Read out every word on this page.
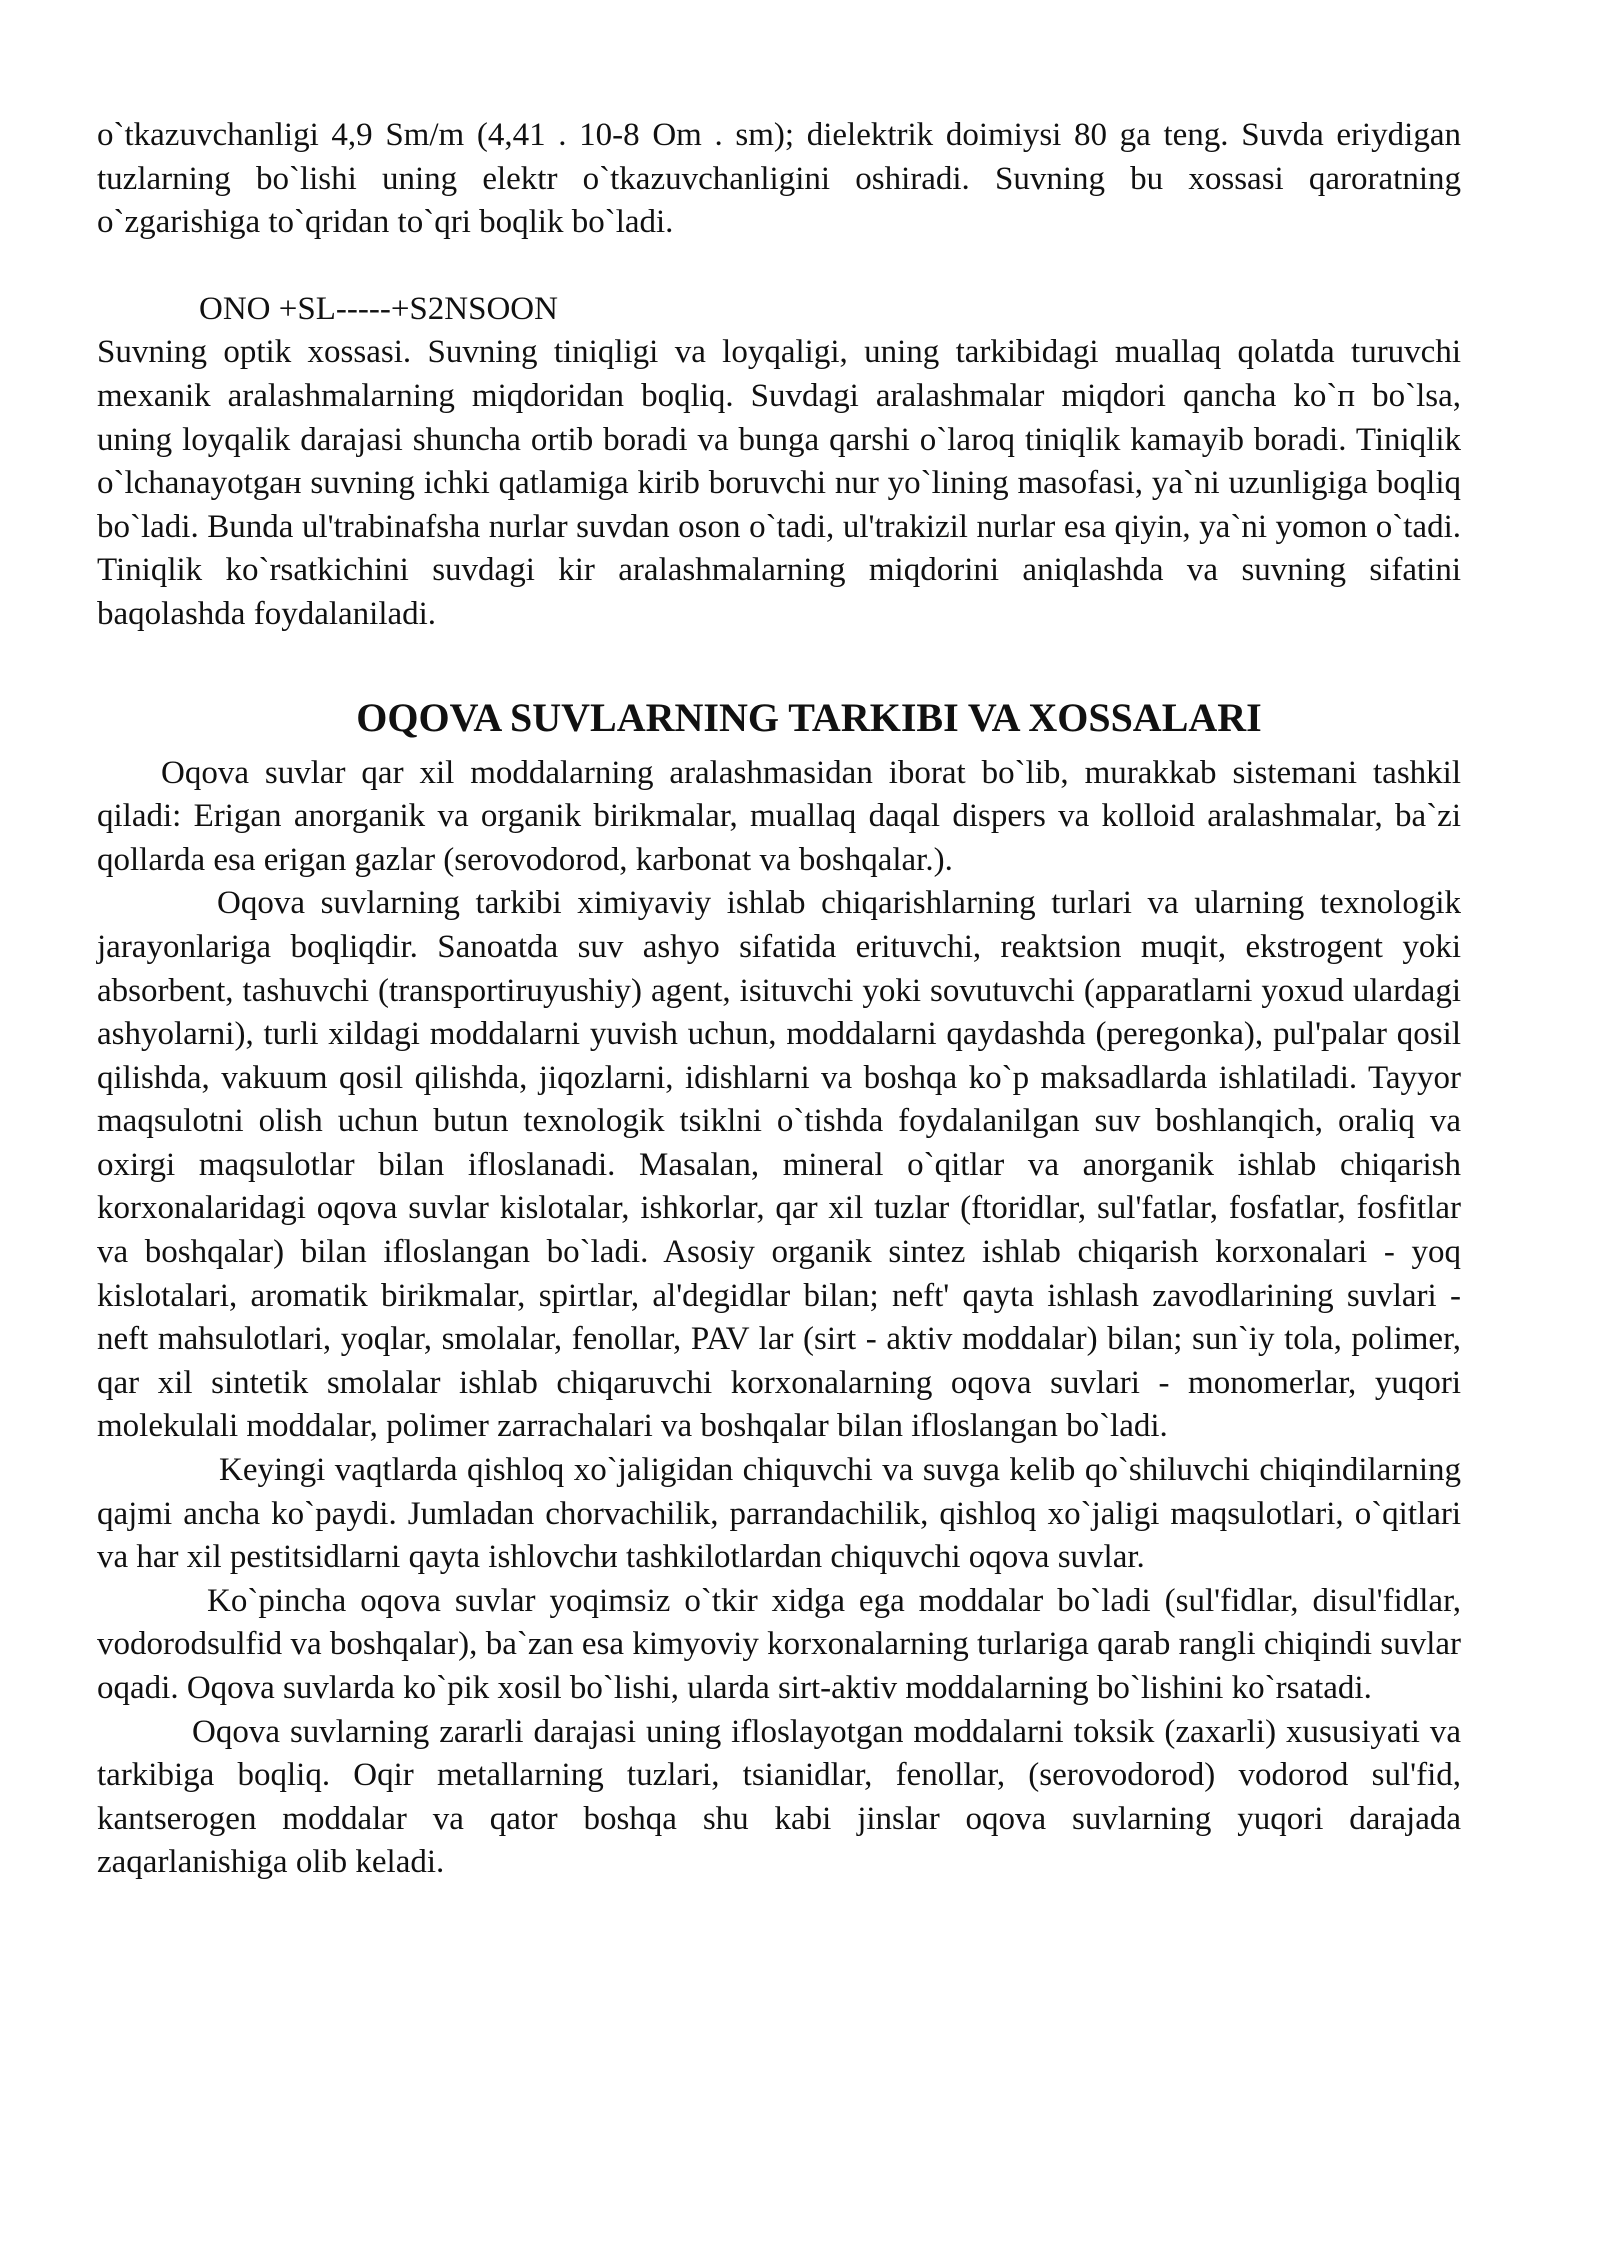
o`tkazuvchanligi 4,9 Sm/m (4,41 . 10-8 Om . sm); dielektrik doimiysi 80 ga teng. Suvda eriydigan tuzlarning bo`lishi uning elektr o`tkazuvchanligini oshiradi. Suvning bu xossasi qaroratning o`zgarishiga to`qridan to`qri boqlik bo`ladi.

ONO +SL-----+S2NSOON

Suvning optik xossasi. Suvning tiniqligi va loyqaligi, uning tarkibidagi muallaq qolatda turuvchi mexanik aralashmalarning miqdoridan boqliq. Suvdagi aralashmalar miqdori qancha ko`п bo`lsa, uning loyqalik darajasi shuncha ortib boradi va bunga qarshi o`laroq tiniqlik kamayib boradi. Tiniqlik o`lchanayotgaн suvning ichki qatlamiga kirib boruvchi nur yo`lining masofasi, ya`ni uzunligiga boqliq bo`ladi. Bunda ul'trabinafsha nurlar suvdan oson o`tadi, ul'trakizil nurlar esa qiyin, ya`ni yomon o`tadi. Tiniqlik ko`rsatkichini suvdagi kir aralashmalarning miqdorini aniqlashda va suvning sifatini baqolashda foydalaniladi.

OQOVA SUVLARNING TARKIBI VA XOSSALARI

Oqova suvlar qar xil moddalarning aralashmasidan iborat bo`lib, murakkab sistemani tashkil qiladi: Erigan anorganik va organik birikmalar, muallaq daqal dispers va kolloid aralashmalar, ba`zi qollarda esa erigan gazlar (serovodorod, karbonat va boshqalar.).

Oqova suvlarning tarkibi ximiyaviy ishlab chiqarishlarning turlari va ularning texnologik jarayonlariga boqliqdir. Sanoatda suv ashyo sifatida erituvchi, reaktsion muqit, ekstrogent yoki absorbent, tashuvchi (transportiruyushiy) agent, isituvchi yoki sovutuvchi (apparatlarni yoxud ulardagi ashyolarni), turli xildagi moddalarni yuvish uchun, moddalarni qaydashda (peregonka), pul'palar qosil qilishda, vakuum qosil qilishda, jiqozlarni, idishlarni va boshqa ko`p maksadlarda ishlatiladi. Tayyor maqsulotni olish uchun butun texnologik tsiklni o`tishda foydalanilgan suv boshlanqich, oraliq va oxirgi maqsulotlar bilan ifloslanadi. Masalan, mineral o`qitlar va anorganik ishlab chiqarish korxonalaridagi oqova suvlar kislotalar, ishkorlar, qar xil tuzlar (ftoridlar, sul'fatlar, fosfatlar, fosfitlar va boshqalar) bilan ifloslangan bo`ladi. Asosiy organik sintez ishlab chiqarish korxonalari - yoq kislotalari, aromatik birikmalar, spirtlar, al'degidlar bilan; neft' qayta ishlash zavodlarining suvlari - neft mahsulotlari, yoqlar, smolalar, fenollar, PAV lar (sirt - aktiv moddalar) bilan; sun`iy tola, polimer, qar xil sintetik smolalar ishlab chiqaruvchi korxonalarning oqova suvlari - monomerlar, yuqori molekulali moddalar, polimer zarrachalari va boshqalar bilan ifloslangan bo`ladi.

Keyingi vaqtlarda qishloq xo`jaligidan chiquvchi va suvga kelib qo`shiluvchi chiqindilarning qajmi ancha ko`paydi. Jumladan chorvachilik, parrandachilik, qishloq xo`jaligi maqsulotlari, o`qitlari va har xil pestitsidlarni qayta ishlovchи tashkilotlardan chiquvchi oqova suvlar.

Ko`pincha oqova suvlar yoqimsiz o`tkir xidga ega moddalar bo`ladi (sul'fidlar, disul'fidlar, vodorodsulfid va boshqalar), ba`zan esa kimyoviy korxonalarning turlariga qarab rangli chiqindi suvlar oqadi. Oqova suvlarda ko`pik xosil bo`lishi, ularda sirt-aktiv moddalarning bo`lishini ko`rsatadi.

Oqova suvlarning zararli darajasi uning ifloslayotgan moddalarni toksik (zaxarli) xususiyati va tarkibiga boqliq. Oqir metallarning tuzlari, tsianidlar, fenollar, (serovodorod) vodorod sul'fid, kantserogen moddalar va qator boshqa shu kabi jinslar oqova suvlarning yuqori darajada zaqarlanishiga olib keladi.
